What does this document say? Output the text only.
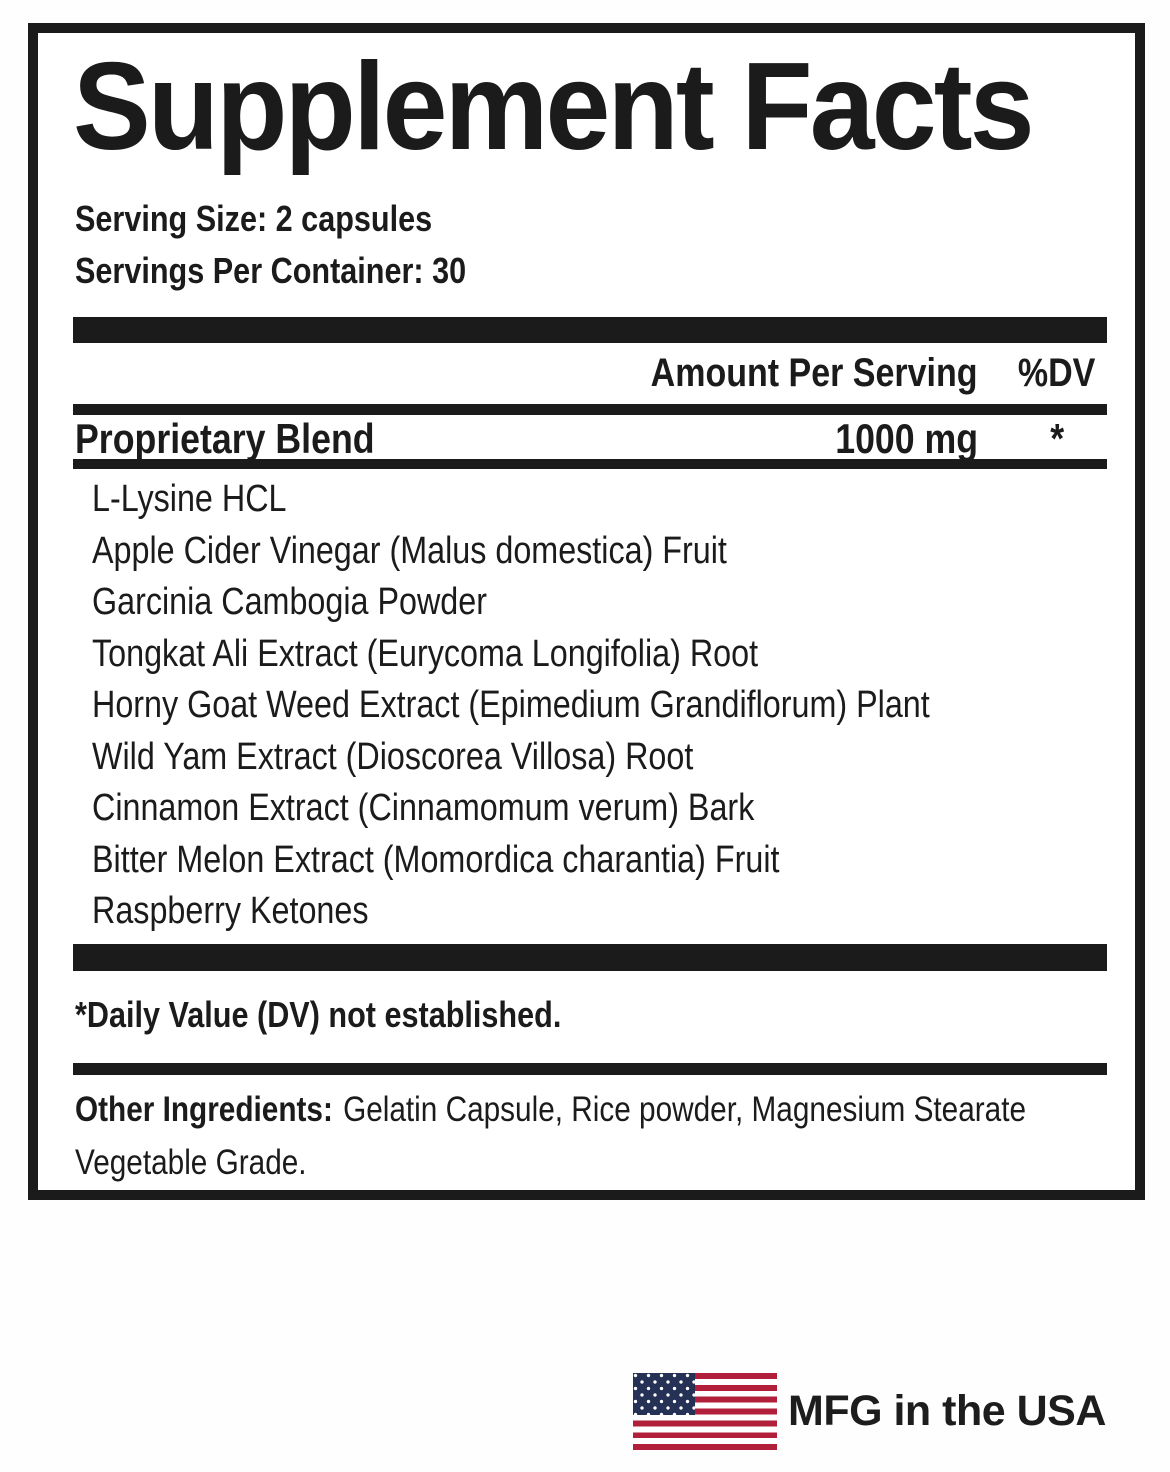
Supplement Facts
Serving Size: 2 capsules
Servings Per Container: 30
Amount Per Serving	%DV
Proprietary Blend	1000 mg	*
L-Lysine HCL
Apple Cider Vinegar (Malus domestica) Fruit
Garcinia Cambogia Powder
Tongkat Ali Extract (Eurycoma Longifolia) Root
Horny Goat Weed Extract (Epimedium Grandiflorum) Plant
Wild Yam Extract (Dioscorea Villosa) Root
Cinnamon Extract (Cinnamomum verum) Bark
Bitter Melon Extract (Momordica charantia) Fruit
Raspberry Ketones
*Daily Value (DV) not established.
Other Ingredients: Gelatin Capsule, Rice powder, Magnesium Stearate Vegetable Grade.
MFG in the USA
